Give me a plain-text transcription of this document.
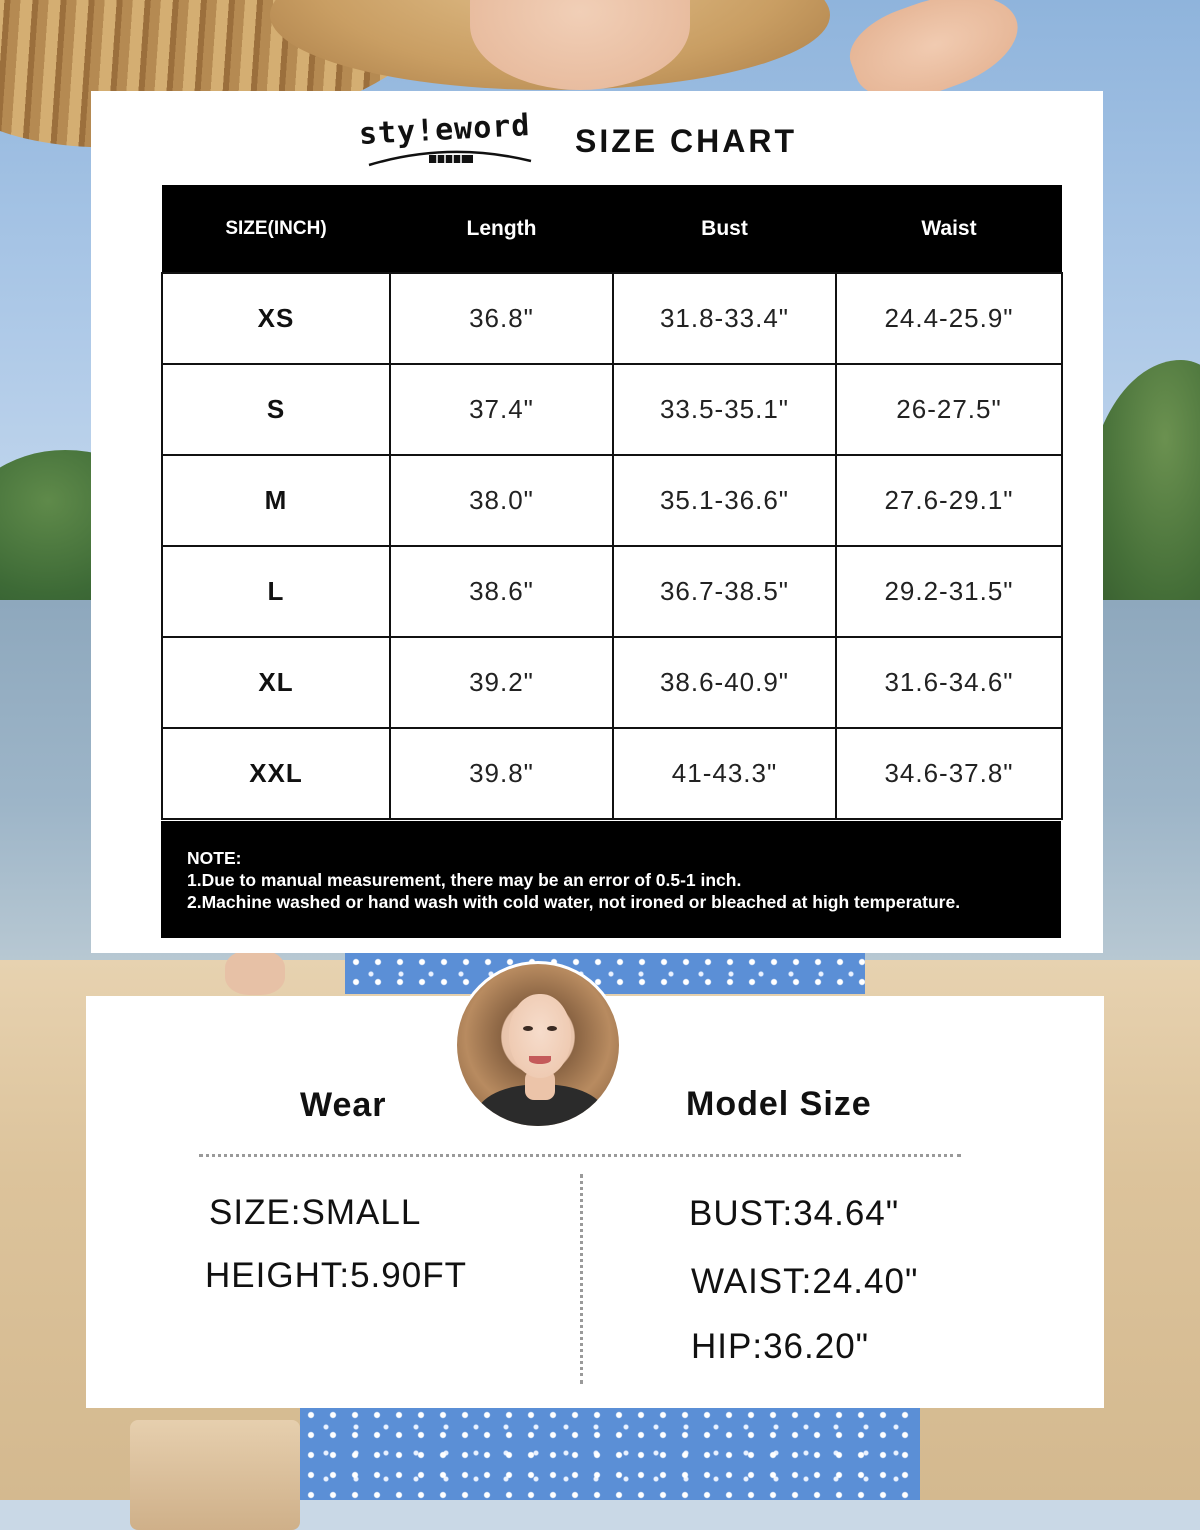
sty!eword	SIZE CHART
SIZE(INCH)	Length	Bust	Waist
XS	36.8"	31.8-33.4"	24.4-25.9"
S	37.4"	33.5-35.1"	26-27.5"
M	38.0"	35.1-36.6"	27.6-29.1"
L	38.6"	36.7-38.5"	29.2-31.5"
XL	39.2"	38.6-40.9"	31.6-34.6"
XXL	39.8"	41-43.3"	34.6-37.8"
NOTE:
1.Due to manual measurement, there may be an error of 0.5-1 inch.
2.Machine washed or hand wash with cold water, not ironed or bleached at high temperature.
Wear	Model Size
SIZE:SMALL
HEIGHT:5.90FT
BUST:34.64"
WAIST:24.40"
HIP:36.20"
